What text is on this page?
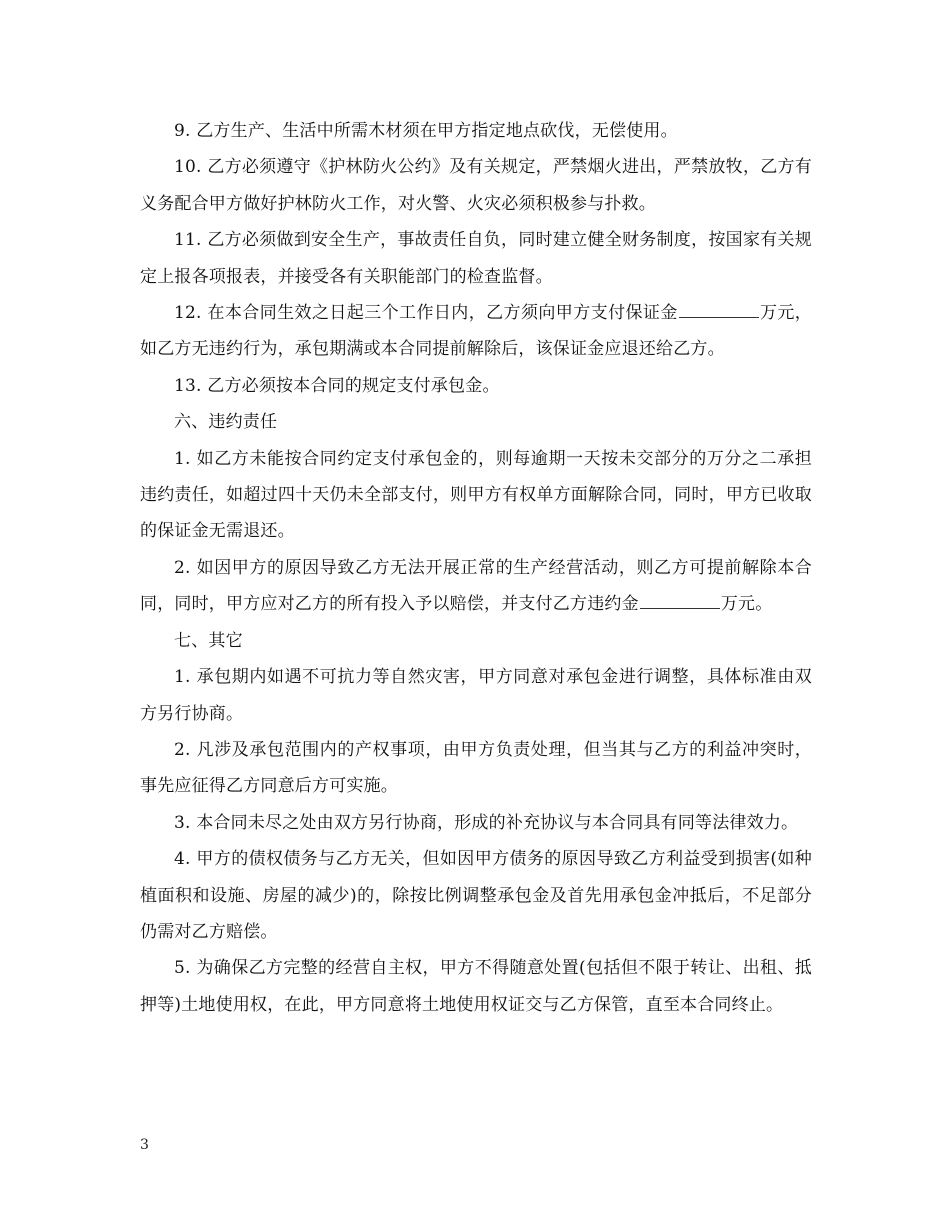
9. 乙方生产、生活中所需木材须在甲方指定地点砍伐，无偿使用。

10. 乙方必须遵守《护林防火公约》及有关规定，严禁烟火进出，严禁放牧，乙方有义务配合甲方做好护林防火工作，对火警、火灾必须积极参与扑救。

11. 乙方必须做到安全生产，事故责任自负，同时建立健全财务制度，按国家有关规定上报各项报表，并接受各有关职能部门的检查监督。

12. 在本合同生效之日起三个工作日内，乙方须向甲方支付保证金	万元，如乙方无违约行为，承包期满或本合同提前解除后，该保证金应退还给乙方。

13. 乙方必须按本合同的规定支付承包金。

六、违约责任

1. 如乙方未能按合同约定支付承包金的，则每逾期一天按未交部分的万分之二承担违约责任，如超过四十天仍未全部支付，则甲方有权单方面解除合同，同时，甲方已收取的保证金无需退还。

2. 如因甲方的原因导致乙方无法开展正常的生产经营活动，则乙方可提前解除本合同，同时，甲方应对乙方的所有投入予以赔偿，并支付乙方违约金	万元。

七、其它

1. 承包期内如遇不可抗力等自然灾害，甲方同意对承包金进行调整，具体标准由双方另行协商。

2. 凡涉及承包范围内的产权事项，由甲方负责处理，但当其与乙方的利益冲突时，事先应征得乙方同意后方可实施。

3. 本合同未尽之处由双方另行协商，形成的补充协议与本合同具有同等法律效力。

4. 甲方的债权债务与乙方无关，但如因甲方债务的原因导致乙方利益受到损害(如种植面积和设施、房屋的减少)的，除按比例调整承包金及首先用承包金冲抵后，不足部分仍需对乙方赔偿。

5. 为确保乙方完整的经营自主权，甲方不得随意处置(包括但不限于转让、出租、抵押等)土地使用权，在此，甲方同意将土地使用权证交与乙方保管，直至本合同终止。

3
